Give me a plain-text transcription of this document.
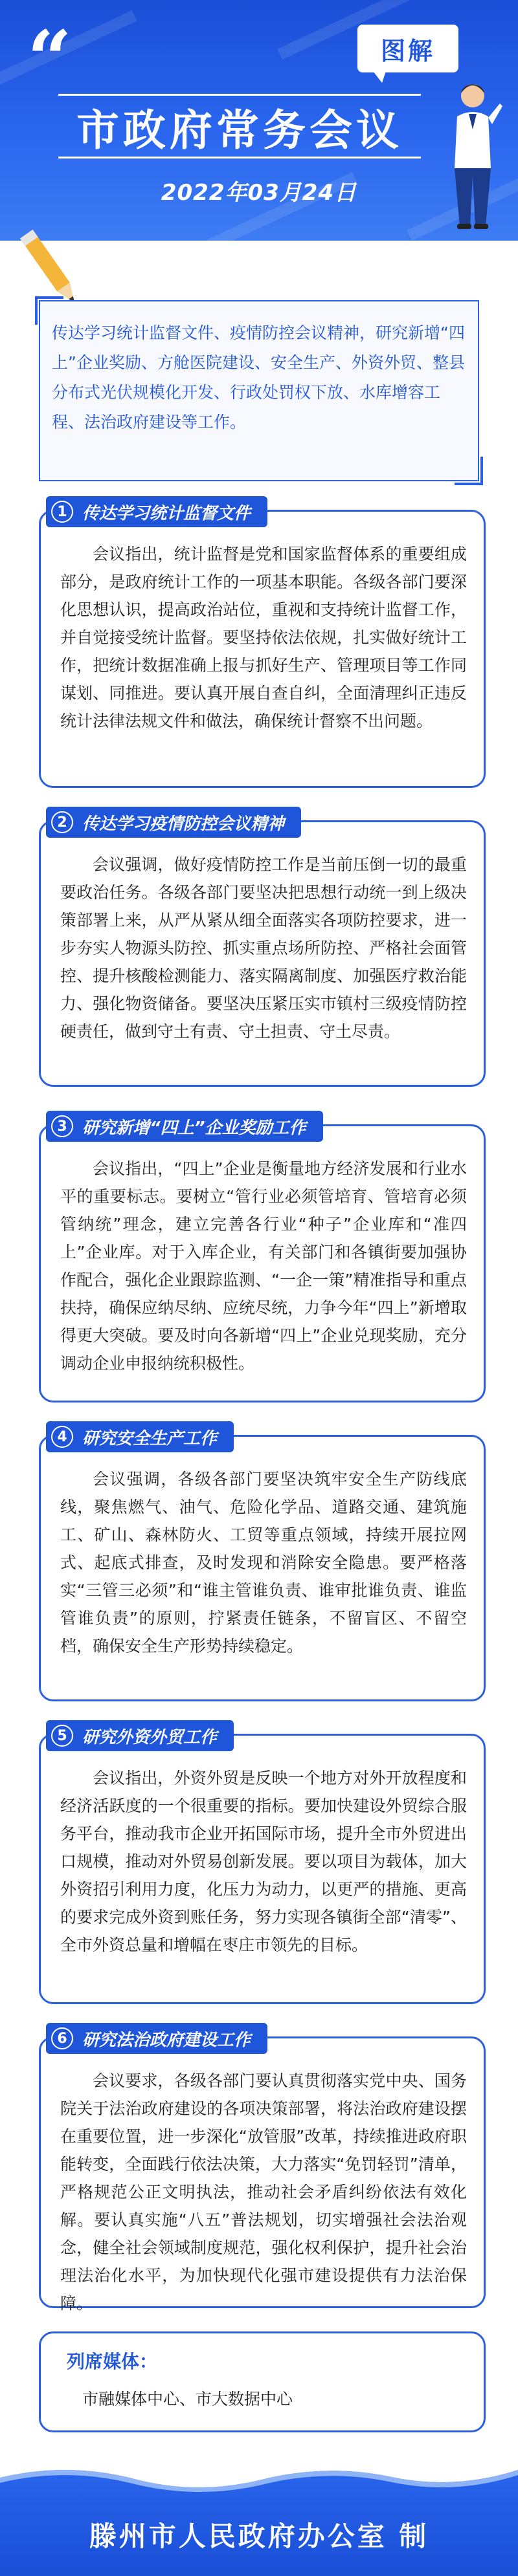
“	图解
市政府常务会议
2022年03月24日

传达学习统计监督文件、疫情防控会议精神，研究新增“四上”企业奖励、方舱医院建设、安全生产、外资外贸、整县分布式光伏规模化开发、行政处罚权下放、水库增容工程、法治政府建设等工作。

1 传达学习统计监督文件

会议指出，统计监督是党和国家监督体系的重要组成部分，是政府统计工作的一项基本职能。各级各部门要深化思想认识，提高政治站位，重视和支持统计监督工作，并自觉接受统计监督。要坚持依法依规，扎实做好统计工作，把统计数据准确上报与抓好生产、管理项目等工作同谋划、同推进。要认真开展自查自纠，全面清理纠正违反统计法律法规文件和做法，确保统计督察不出问题。

2 传达学习疫情防控会议精神

会议强调，做好疫情防控工作是当前压倒一切的最重要政治任务。各级各部门要坚决把思想行动统一到上级决策部署上来，从严从紧从细全面落实各项防控要求，进一步夯实人物源头防控、抓实重点场所防控、严格社会面管控、提升核酸检测能力、落实隔离制度、加强医疗救治能力、强化物资储备。要坚决压紧压实市镇村三级疫情防控硬责任，做到守土有责、守土担责、守土尽责。

3 研究新增“四上”企业奖励工作

会议指出，“四上”企业是衡量地方经济发展和行业水平的重要标志。要树立“管行业必须管培育、管培育必须管纳统”理念，建立完善各行业“种子”企业库和“准四上”企业库。对于入库企业，有关部门和各镇街要加强协作配合，强化企业跟踪监测、“一企一策”精准指导和重点扶持，确保应纳尽纳、应统尽统，力争今年“四上”新增取得更大突破。要及时向各新增“四上”企业兑现奖励，充分调动企业申报纳统积极性。

4 研究安全生产工作

会议强调，各级各部门要坚决筑牢安全生产防线底线，聚焦燃气、油气、危险化学品、道路交通、建筑施工、矿山、森林防火、工贸等重点领域，持续开展拉网式、起底式排查，及时发现和消除安全隐患。要严格落实“三管三必须”和“谁主管谁负责、谁审批谁负责、谁监管谁负责”的原则，拧紧责任链条，不留盲区、不留空档，确保安全生产形势持续稳定。

5 研究外资外贸工作

会议指出，外资外贸是反映一个地方对外开放程度和经济活跃度的一个很重要的指标。要加快建设外贸综合服务平台，推动我市企业开拓国际市场，提升全市外贸进出口规模，推动对外贸易创新发展。要以项目为载体，加大外资招引利用力度，化压力为动力，以更严的措施、更高的要求完成外资到账任务，努力实现各镇街全部“清零”、全市外资总量和增幅在枣庄市领先的目标。

6 研究法治政府建设工作

会议要求，各级各部门要认真贯彻落实党中央、国务院关于法治政府建设的各项决策部署，将法治政府建设摆在重要位置，进一步深化“放管服”改革，持续推进政府职能转变，全面践行依法决策，大力落实“免罚轻罚”清单，严格规范公正文明执法，推动社会矛盾纠纷依法有效化解。要认真实施“八五”普法规划，切实增强社会法治观念，健全社会领域制度规范，强化权利保护，提升社会治理法治化水平，为加快现代化强市建设提供有力法治保障。

列席媒体：
市融媒体中心、市大数据中心
滕州市人民政府办公室 制
